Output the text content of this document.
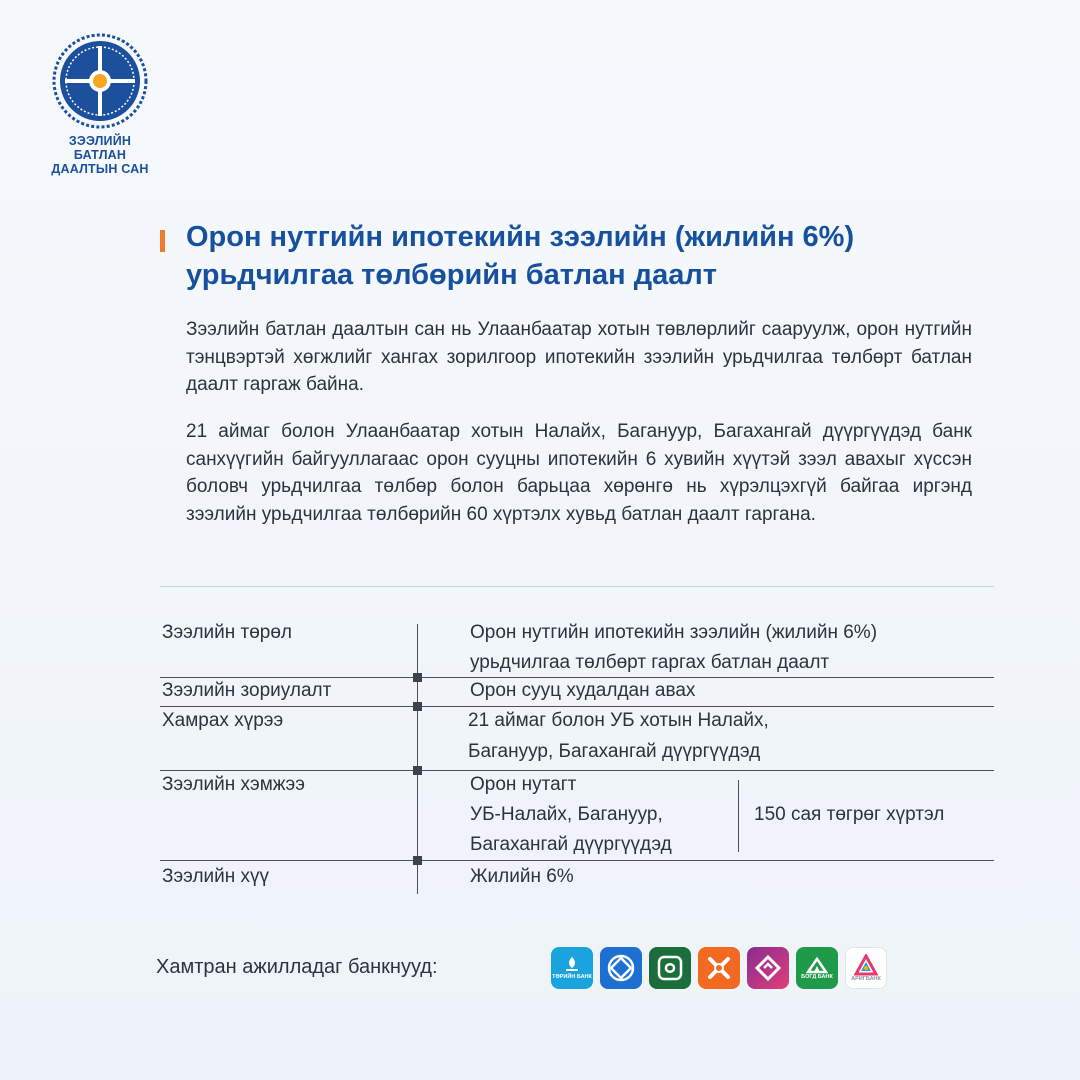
ЗЭЭЛИЙН БАТЛАН
ДААЛТЫН САН
Орон нутгийн ипотекийн зээлийн (жилийн 6%)
урьдчилгаа төлбөрийн батлан даалт

Зээлийн батлан даалтын сан нь Улаанбаатар хотын төвлөрлийг сааруулж, орон нутгийн тэнцвэртэй хөгжлийг хангах зорилгоор ипотекийн зээлийн урьдчилгаа төлбөрт батлан даалт гаргаж байна.

21 аймаг болон Улаанбаатар хотын Налайх, Багануур, Багахангай дүүргүүдэд банк санхүүгийн байгууллагаас орон сууцны ипотекийн 6 хувийн хүүтэй зээл авахыг хүссэн боловч урьдчилгаа төлбөр болон барьцаа хөрөнгө нь хүрэлцэхгүй байгаа иргэнд зээлийн урьдчилгаа төлбөрийн 60 хүртэлх хувьд батлан даалт гаргана.

Зээлийн төрөл	Орон нутгийн ипотекийн зээлийн (жилийн 6%)
урьдчилгаа төлбөрт гаргах батлан даалт
Зээлийн зориулалт	Орон сууц худалдан авах
Хамрах хүрээ	21 аймаг болон УБ хотын Налайх,
Багануур, Багахангай дүүргүүдэд
Зээлийн хэмжээ	Орон нутагт
УБ-Налайх, Багануур,
Багахангай дүүргүүдэд
150 сая төгрөг хүртэл
Зээлийн хүү	Жилийн 6%
Хамтран ажилладаг банкнууд:	ТӨРИЙН БАНК	БОГД БАНК	АРИГБАНК
